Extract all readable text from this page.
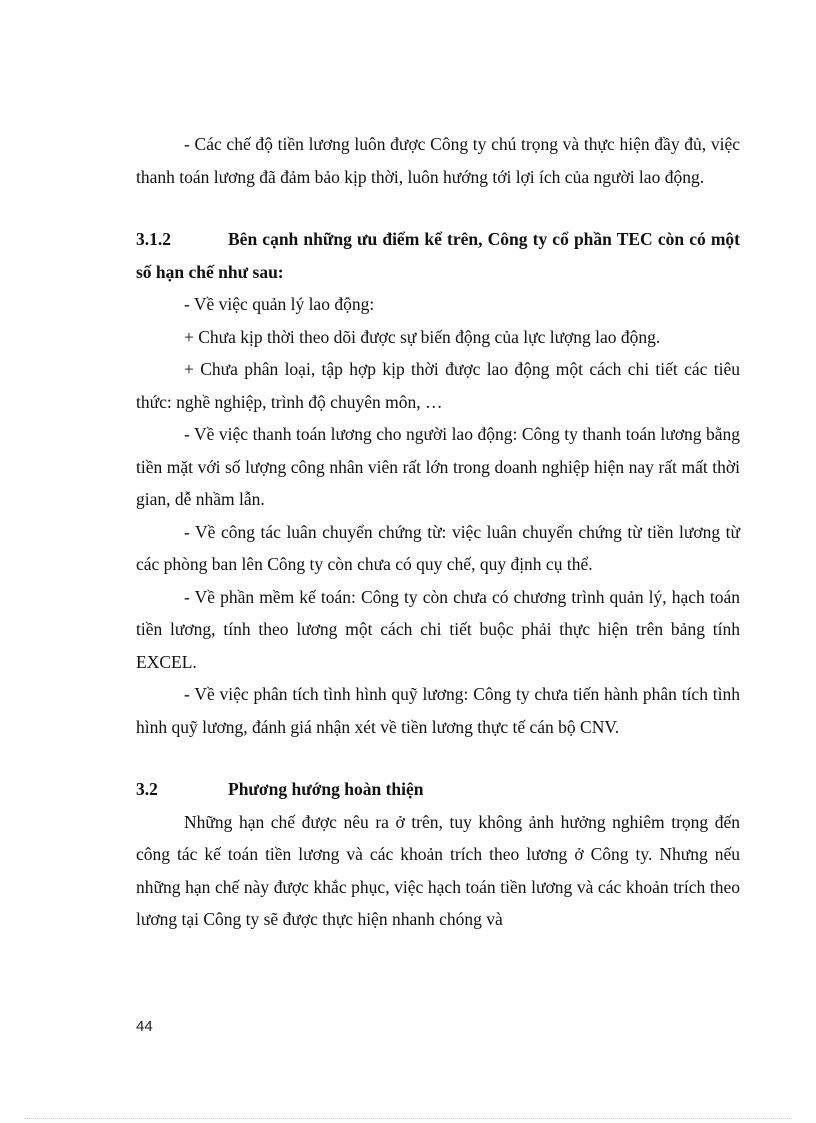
- Các chế độ tiền lương luôn được Công ty chú trọng và thực hiện đầy đủ, việc thanh toán lương đã đảm bảo kịp thời, luôn hướng tới lợi ích của người lao động.

3.1.2	Bên cạnh những ưu điểm kể trên, Công ty cổ phần TEC còn có một số hạn chế như sau:

- Về việc quản lý lao động:

+ Chưa kịp thời theo dõi được sự biến động của lực lượng lao động.

+ Chưa phân loại, tập hợp kịp thời được lao động một cách chi tiết các tiêu thức: nghề nghiệp, trình độ chuyên môn, …

- Về việc thanh toán lương cho người lao động: Công ty thanh toán lương bằng tiền mặt với số lượng công nhân viên rất lớn trong doanh nghiệp hiện nay rất mất thời gian, dễ nhầm lẫn.

- Về công tác luân chuyển chứng từ: việc luân chuyển chứng từ tiền lương từ các phòng ban lên Công ty còn chưa có quy chế, quy định cụ thể.

- Về phần mềm kế toán: Công ty còn chưa có chương trình quản lý, hạch toán tiền lương, tính theo lương một cách chi tiết buộc phải thực hiện trên bảng tính EXCEL.

- Về việc phân tích tình hình quỹ lương: Công ty chưa tiến hành phân tích tình hình quỹ lương, đánh giá nhận xét về tiền lương thực tế cán bộ CNV.

3.2	Phương hướng hoàn thiện

Những hạn chế được nêu ra ở trên, tuy không ảnh hưởng nghiêm trọng đến công tác kế toán tiền lương và các khoản trích theo lương ở Công ty. Nhưng nếu những hạn chế này được khắc phục, việc hạch toán tiền lương và các khoản trích theo lương tại Công ty sẽ được thực hiện nhanh chóng và

44
